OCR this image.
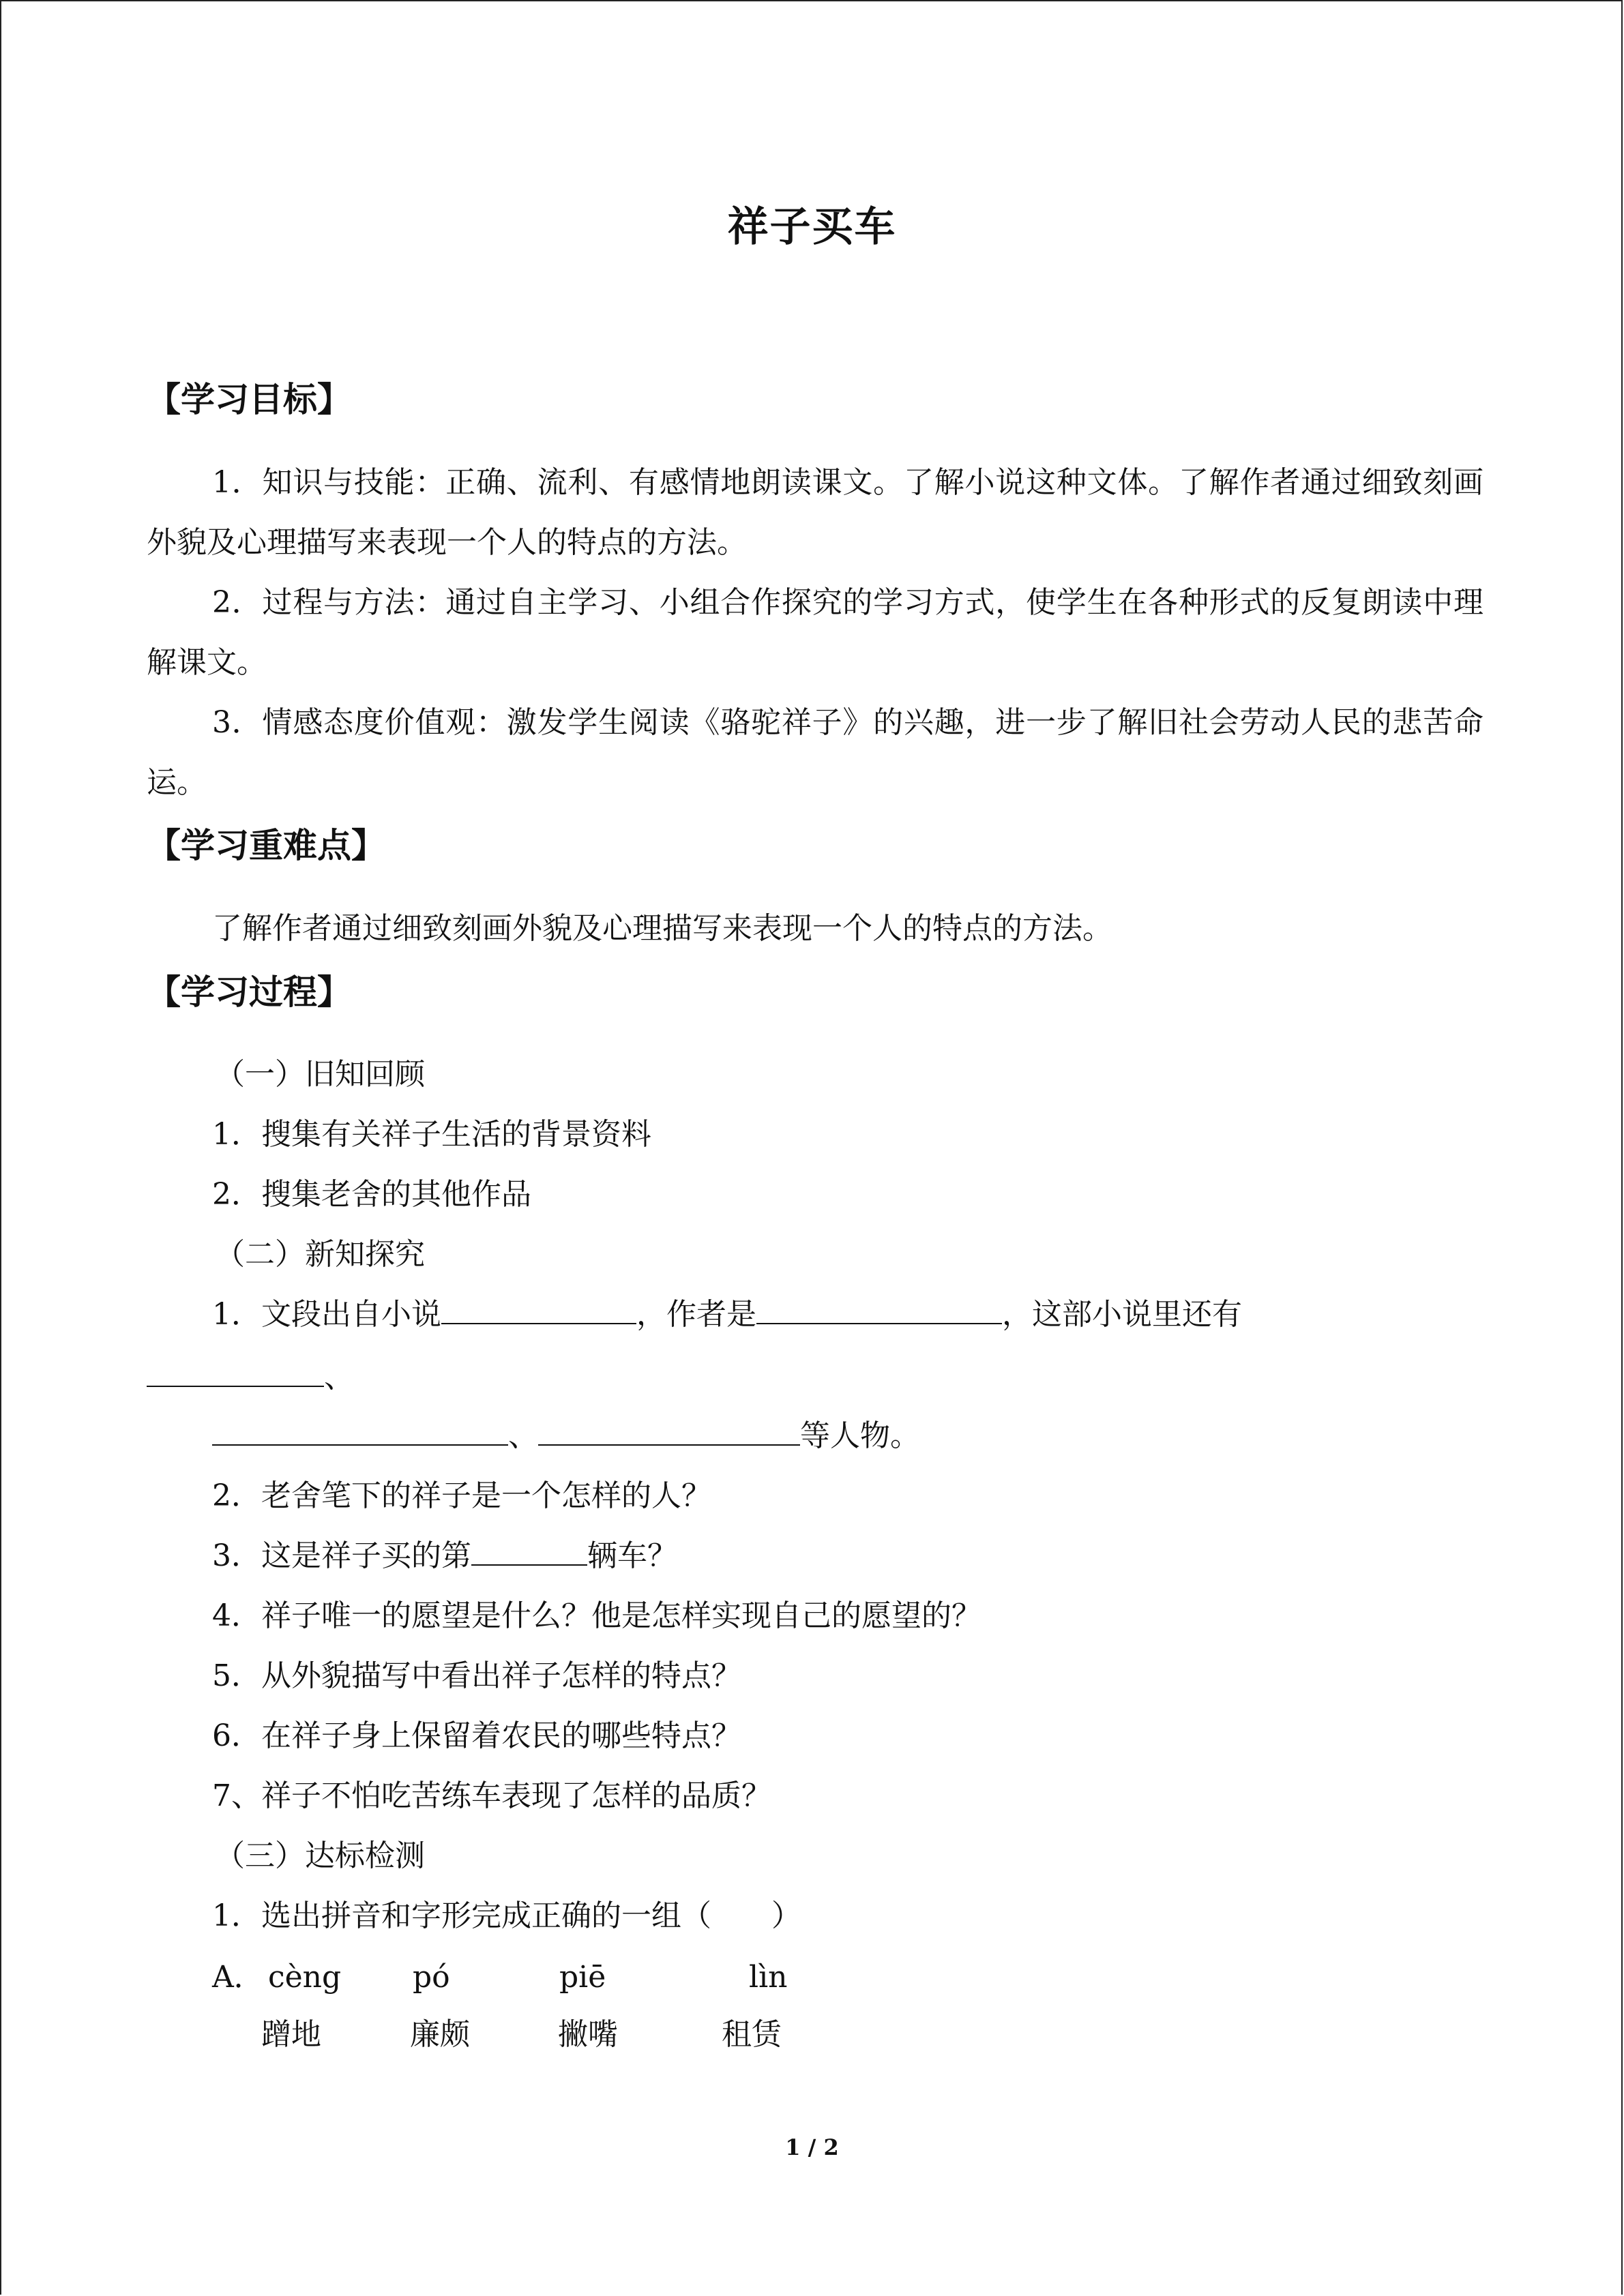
祥子买车
【学习目标】

1．知识与技能：正确、流利、有感情地朗读课文。了解小说这种文体。了解作者通过细致刻画外貌及心理描写来表现一个人的特点的方法。

2．过程与方法：通过自主学习、小组合作探究的学习方式，使学生在各种形式的反复朗读中理解课文。

3．情感态度价值观：激发学生阅读《骆驼祥子》的兴趣，进一步了解旧社会劳动人民的悲苦命运。

【学习重难点】

了解作者通过细致刻画外貌及心理描写来表现一个人的特点的方法。

【学习过程】
（一）旧知回顾
1．搜集有关祥子生活的背景资料
2．搜集老舍的其他作品
（二）新知探究
1．文段出自小说	，作者是	，这部小说里还有
、
、	等人物。
2．老舍笔下的祥子是一个怎样的人？
3．这是祥子买的第	辆车？
4．祥子唯一的愿望是什么？他是怎样实现自己的愿望的？
5．从外貌描写中看出祥子怎样的特点？
6．在祥子身上保留着农民的哪些特点？
7、祥子不怕吃苦练车表现了怎样的品质？
（三）达标检测
1．选出拼音和字形完成正确的一组（　　）
A． cèng pó	piē	lìn
蹭地	廉颇	撇嘴	租赁
1 / 2
